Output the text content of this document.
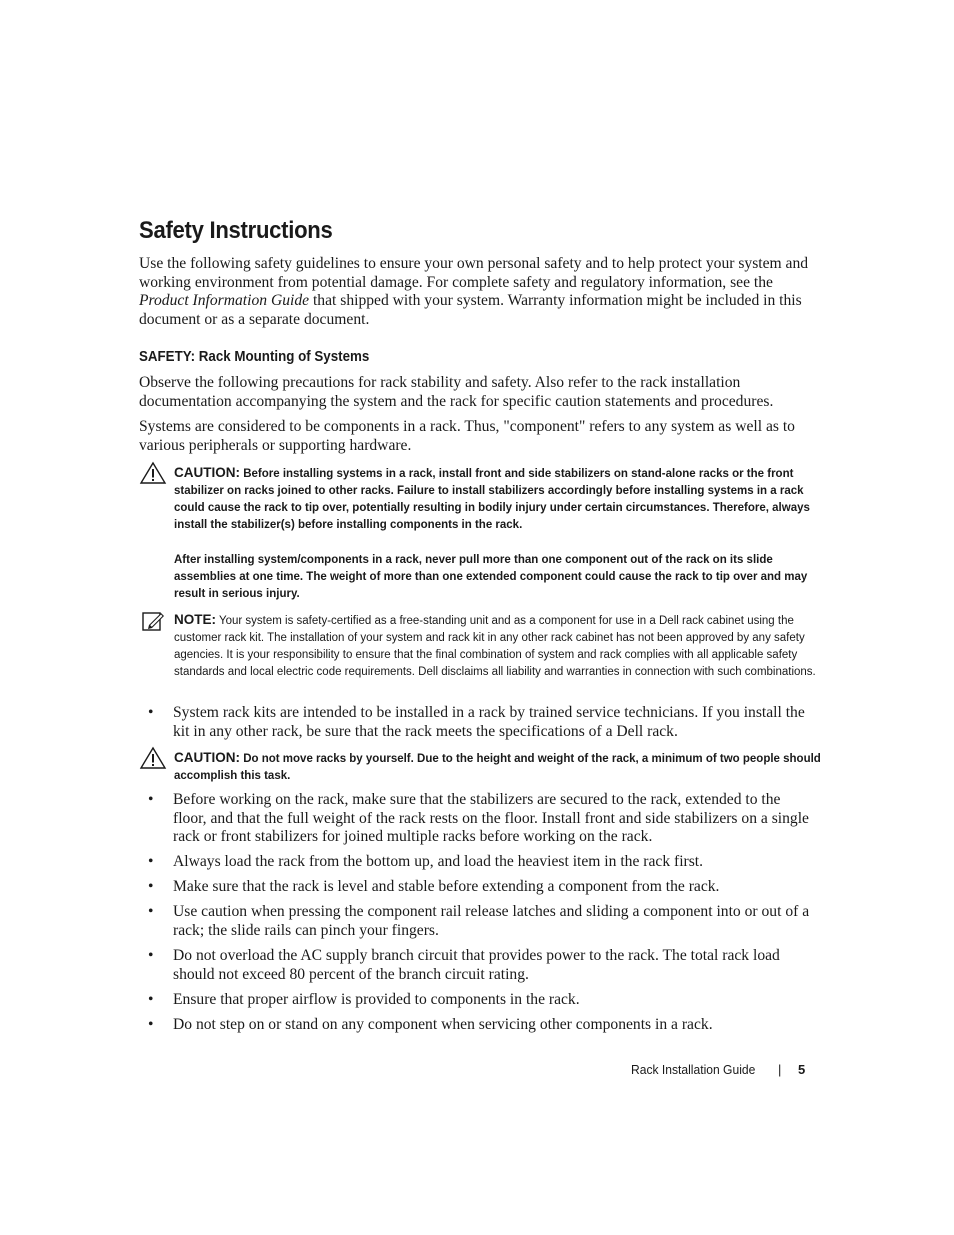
Safety Instructions

Use the following safety guidelines to ensure your own personal safety and to help protect your system and working environment from potential damage. For complete safety and regulatory information, see the Product Information Guide that shipped with your system. Warranty information might be included in this document or as a separate document.

SAFETY: Rack Mounting of Systems

Observe the following precautions for rack stability and safety. Also refer to the rack installation documentation accompanying the system and the rack for specific caution statements and procedures.

Systems are considered to be components in a rack. Thus, "component" refers to any system as well as to various peripherals or supporting hardware.

CAUTION: Before installing systems in a rack, install front and side stabilizers on stand-alone racks or the front stabilizer on racks joined to other racks. Failure to install stabilizers accordingly before installing systems in a rack could cause the rack to tip over, potentially resulting in bodily injury under certain circumstances. Therefore, always install the stabilizer(s) before installing components in the rack.

After installing system/components in a rack, never pull more than one component out of the rack on its slide assemblies at one time. The weight of more than one extended component could cause the rack to tip over and may result in serious injury.

NOTE: Your system is safety-certified as a free-standing unit and as a component for use in a Dell rack cabinet using the customer rack kit. The installation of your system and rack kit in any other rack cabinet has not been approved by any safety agencies. It is your responsibility to ensure that the final combination of system and rack complies with all applicable safety standards and local electric code requirements. Dell disclaims all liability and warranties in connection with such combinations.

• System rack kits are intended to be installed in a rack by trained service technicians. If you install the kit in any other rack, be sure that the rack meets the specifications of a Dell rack.

CAUTION: Do not move racks by yourself. Due to the height and weight of the rack, a minimum of two people should accomplish this task.

• Before working on the rack, make sure that the stabilizers are secured to the rack, extended to the floor, and that the full weight of the rack rests on the floor. Install front and side stabilizers on a single rack or front stabilizers for joined multiple racks before working on the rack.
• Always load the rack from the bottom up, and load the heaviest item in the rack first.
• Make sure that the rack is level and stable before extending a component from the rack.
• Use caution when pressing the component rail release latches and sliding a component into or out of a rack; the slide rails can pinch your fingers.
• Do not overload the AC supply branch circuit that provides power to the rack. The total rack load should not exceed 80 percent of the branch circuit rating.
• Ensure that proper airflow is provided to components in the rack.
• Do not step on or stand on any component when servicing other components in a rack.
Rack Installation Guide	| 5
